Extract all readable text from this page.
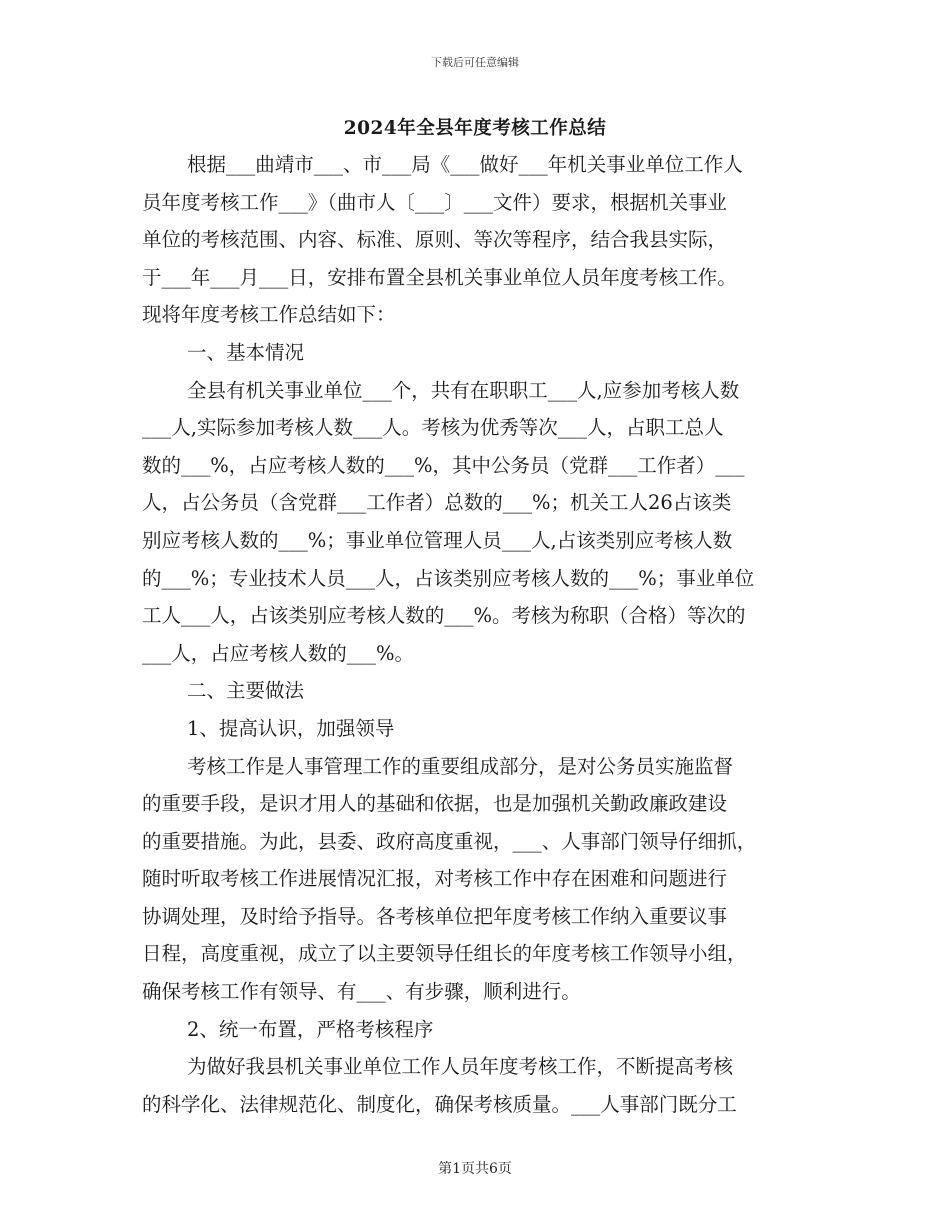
下载后可任意编辑
2024年全县年度考核工作总结
根据___曲靖市___、市___局《___做好___年机关事业单位工作人
员年度考核工作___》（曲市人〔___〕___文件）要求，根据机关事业
单位的考核范围、内容、标准、原则、等次等程序，结合我县实际，
于___年___月___日，安排布置全县机关事业单位人员年度考核工作。
现将年度考核工作总结如下：
一、基本情况
全县有机关事业单位___个，共有在职职工___人,应参加考核人数
___人,实际参加考核人数___人。考核为优秀等次___人，占职工总人
数的___%，占应考核人数的___%，其中公务员（党群___工作者）___
人，占公务员（含党群___工作者）总数的___%；机关工人26占该类
别应考核人数的___%；事业单位管理人员___人,占该类别应考核人数
的___%；专业技术人员___人，占该类别应考核人数的___%；事业单位
工人___人，占该类别应考核人数的___%。考核为称职（合格）等次的
___人，占应考核人数的___%。
二、主要做法
1、提高认识，加强领导
考核工作是人事管理工作的重要组成部分，是对公务员实施监督
的重要手段，是识才用人的基础和依据，也是加强机关勤政廉政建设
的重要措施。为此，县委、政府高度重视，___、人事部门领导仔细抓，
随时听取考核工作进展情况汇报，对考核工作中存在困难和问题进行
协调处理，及时给予指导。各考核单位把年度考核工作纳入重要议事
日程，高度重视，成立了以主要领导任组长的年度考核工作领导小组，
确保考核工作有领导、有___、有步骤，顺利进行。
2、统一布置，严格考核程序
为做好我县机关事业单位工作人员年度考核工作，不断提高考核
的科学化、法律规范化、制度化，确保考核质量。___人事部门既分工
第1页共6页
